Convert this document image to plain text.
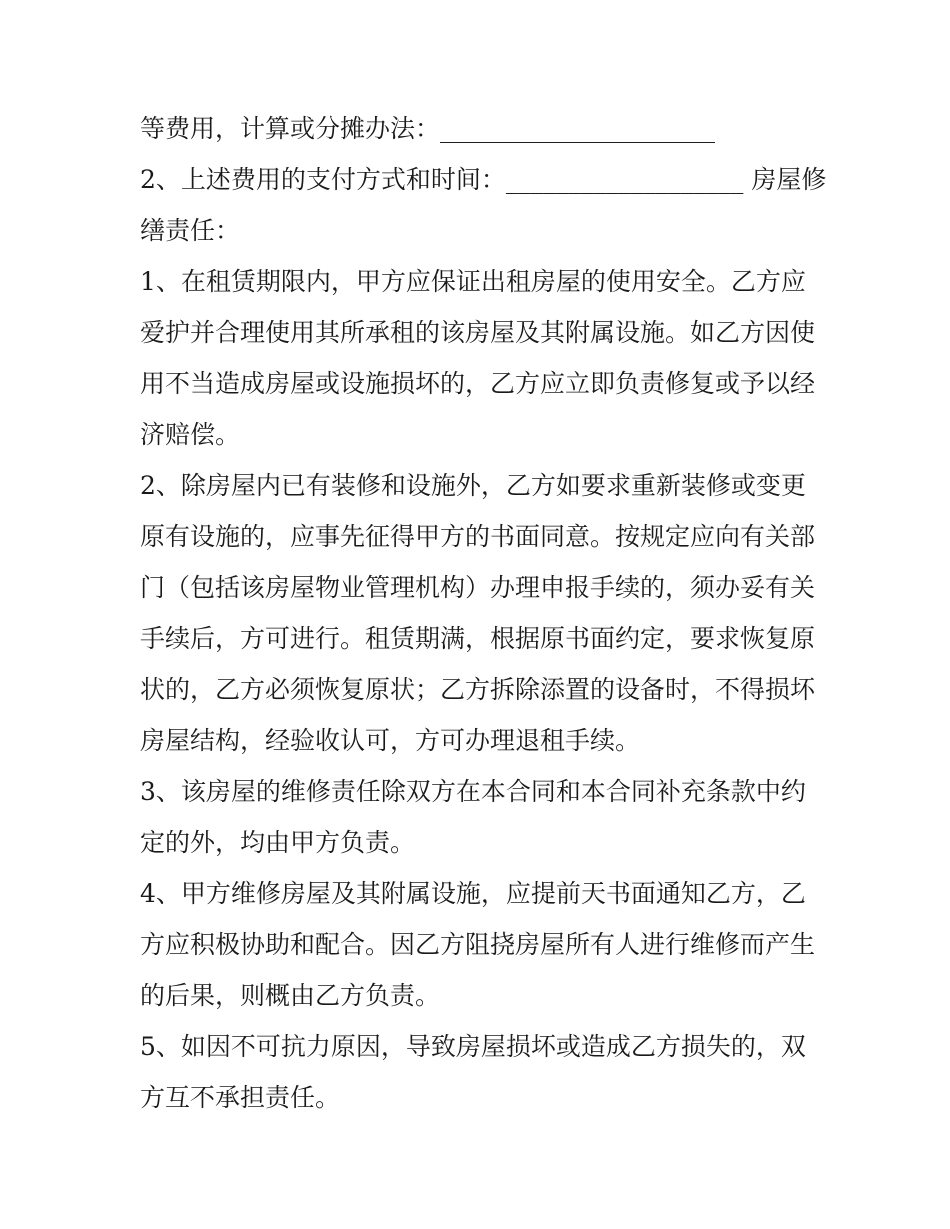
等费用，计算或分摊办法：______________________
2、上述费用的支付方式和时间：___________________ 房屋修
缮责任：
1、在租赁期限内，甲方应保证出租房屋的使用安全。乙方应
爱护并合理使用其所承租的该房屋及其附属设施。如乙方因使
用不当造成房屋或设施损坏的，乙方应立即负责修复或予以经
济赔偿。
2、除房屋内已有装修和设施外，乙方如要求重新装修或变更
原有设施的，应事先征得甲方的书面同意。按规定应向有关部
门（包括该房屋物业管理机构）办理申报手续的，须办妥有关
手续后，方可进行。租赁期满，根据原书面约定，要求恢复原
状的，乙方必须恢复原状；乙方拆除添置的设备时，不得损坏
房屋结构，经验收认可，方可办理退租手续。
3、该房屋的维修责任除双方在本合同和本合同补充条款中约
定的外，均由甲方负责。
4、甲方维修房屋及其附属设施，应提前天书面通知乙方，乙
方应积极协助和配合。因乙方阻挠房屋所有人进行维修而产生
的后果，则概由乙方负责。
5、如因不可抗力原因，导致房屋损坏或造成乙方损失的，双
方互不承担责任。
